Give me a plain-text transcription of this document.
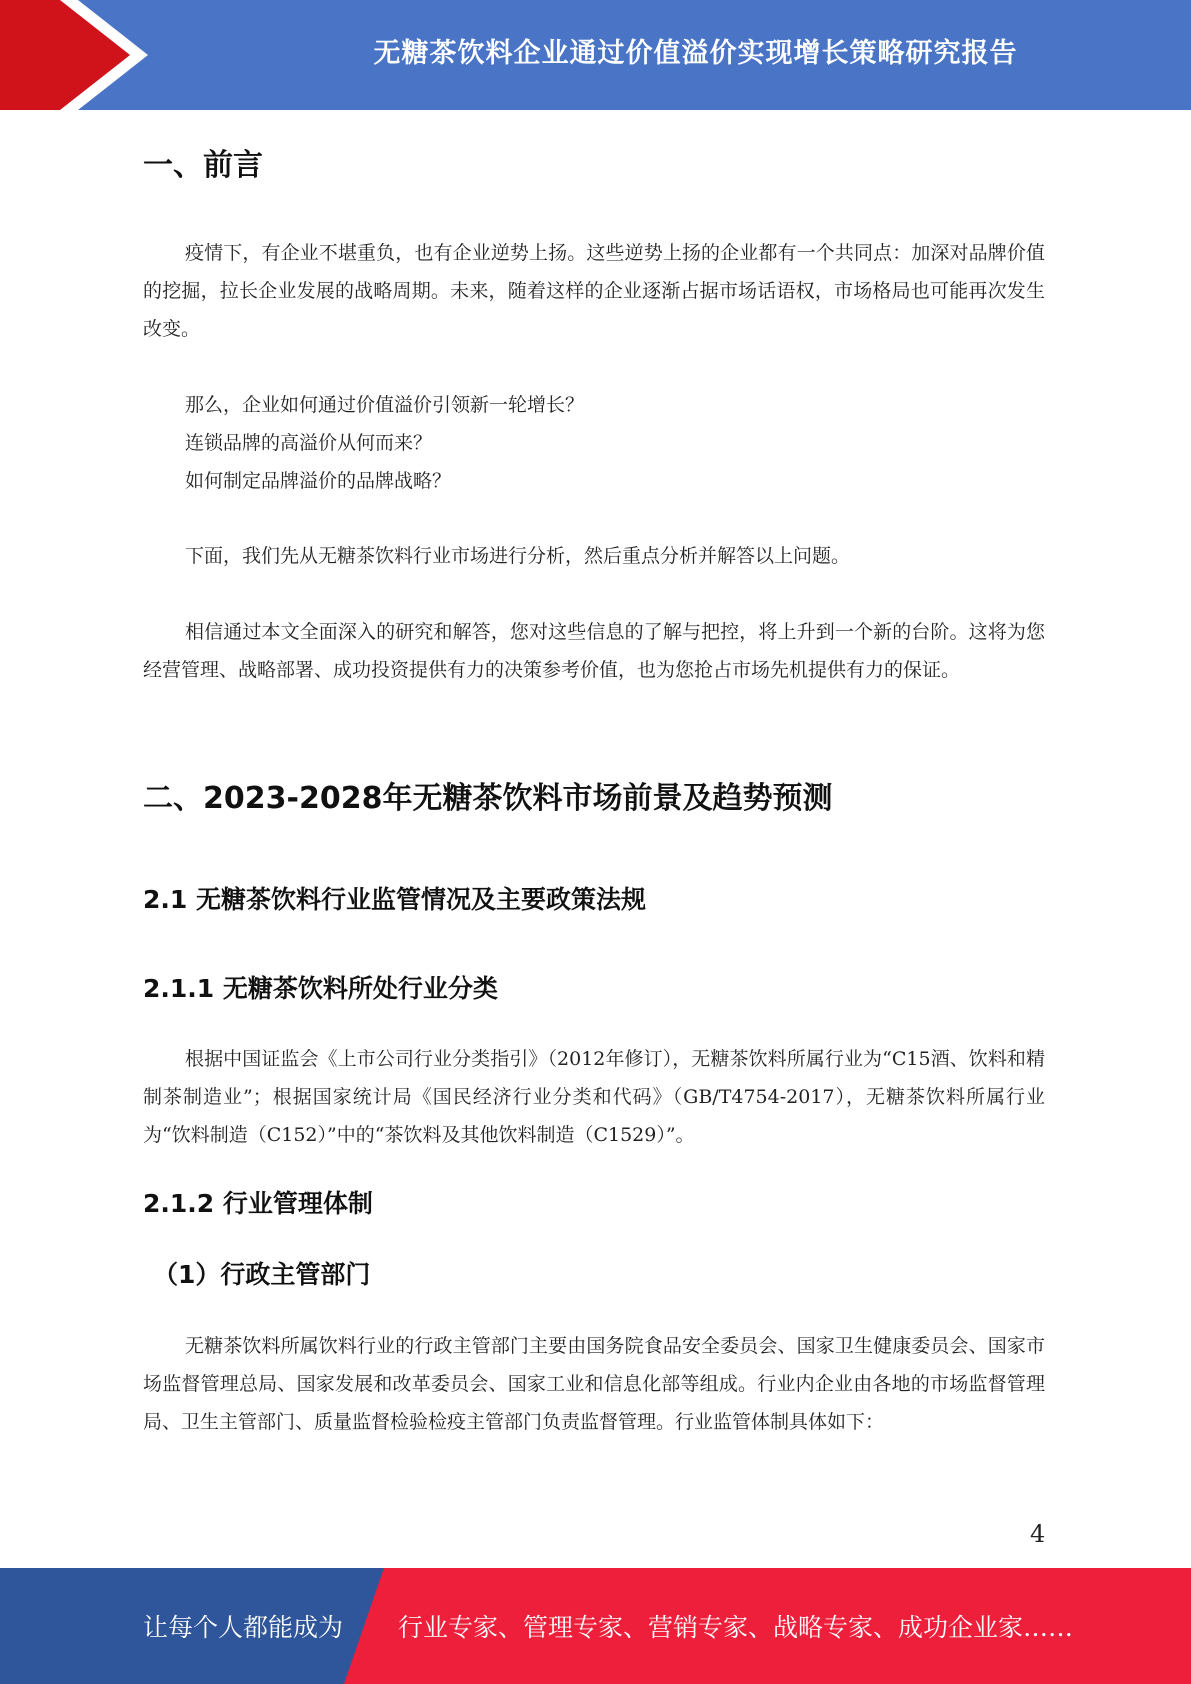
无糖茶饮料企业通过价值溢价实现增长策略研究报告
一、前言
疫情下，有企业不堪重负，也有企业逆势上扬。这些逆势上扬的企业都有一个共同点：加深对品牌价值的挖掘，拉长企业发展的战略周期。未来，随着这样的企业逐渐占据市场话语权，市场格局也可能再次发生改变。
那么，企业如何通过价值溢价引领新一轮增长？
连锁品牌的高溢价从何而来？
如何制定品牌溢价的品牌战略？
下面，我们先从无糖茶饮料行业市场进行分析，然后重点分析并解答以上问题。
相信通过本文全面深入的研究和解答，您对这些信息的了解与把控，将上升到一个新的台阶。这将为您经营管理、战略部署、成功投资提供有力的决策参考价值，也为您抢占市场先机提供有力的保证。
二、2023-2028年无糖茶饮料市场前景及趋势预测
2.1 无糖茶饮料行业监管情况及主要政策法规
2.1.1 无糖茶饮料所处行业分类
根据中国证监会《上市公司行业分类指引》（2012年修订），无糖茶饮料所属行业为“C15酒、饮料和精制茶制造业”；根据国家统计局《国民经济行业分类和代码》（GB/T4754-2017），无糖茶饮料所属行业为“饮料制造（C152）”中的“茶饮料及其他饮料制造（C1529）”。
2.1.2 行业管理体制
（1）行政主管部门
无糖茶饮料所属饮料行业的行政主管部门主要由国务院食品安全委员会、国家卫生健康委员会、国家市场监督管理总局、国家发展和改革委员会、国家工业和信息化部等组成。行业内企业由各地的市场监督管理局、卫生主管部门、质量监督检验检疫主管部门负责监督管理。行业监管体制具体如下：
4
让每个人都能成为 行业专家、管理专家、营销专家、战略专家、成功企业家……
